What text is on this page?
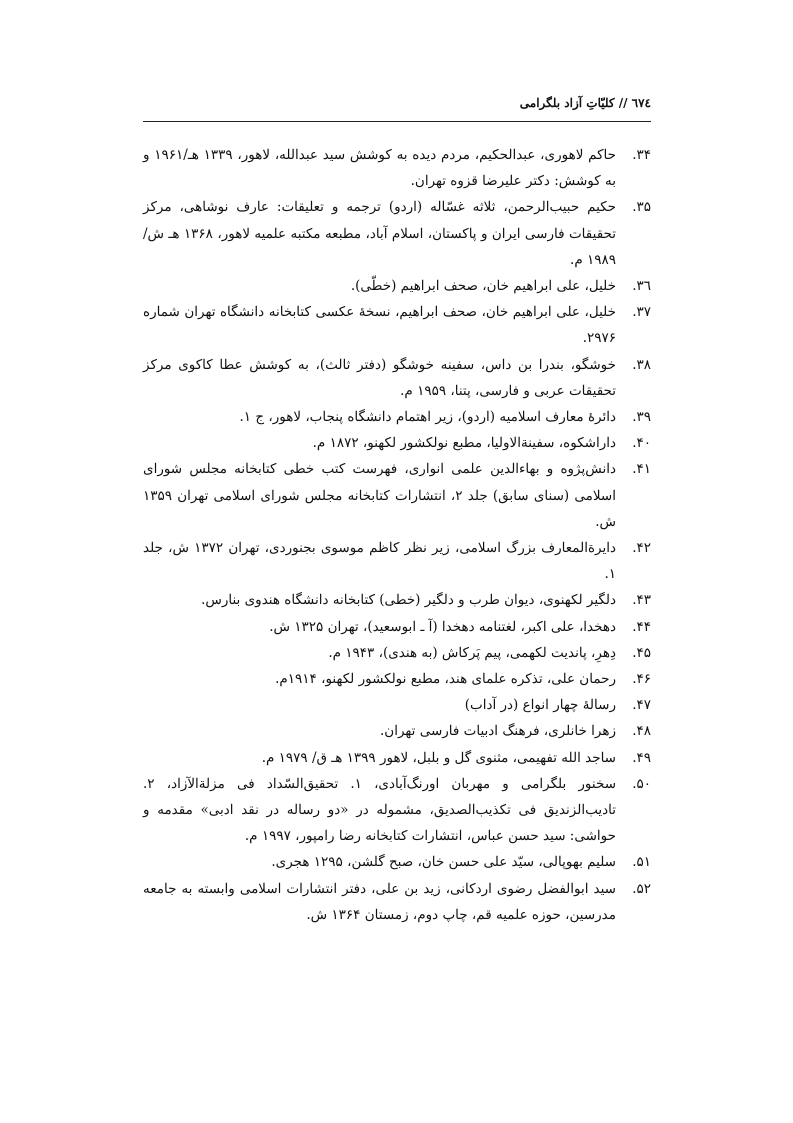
٦٧٤ // کلیّاتِ آزاد بلگرامی
۳۴.
حاکم لاهوری، عبدالحکیم، مردم دیده به کوشش سید عبدالله، لاهور، ۱۳۳۹ هـ/۱۹۶۱ و به کوشش: دکتر علیرضا قزوه تهران.
۳۵.
حکیم حبیب‌الرحمن، ثلاثه غسّاله (اردو) ترجمه و تعلیقات: عارف نوشاهی، مرکز تحقیقات فارسی ایران و پاکستان، اسلام آباد، مطبعه مکتبه علمیه لاهور، ۱۳۶۸ هـ ش/ ۱۹۸۹ م.
۳٦.
خلیل، علی ابراهیم خان، صحف ابراهیم (خطّی).
۳۷.
خلیل، علی ابراهیم خان، صحف ابراهیم، نسخهٔ عکسی کتابخانه دانشگاه تهران شماره ۲۹۷۶.
۳۸.
خوشگو، بندرا بن داس، سفینه خوشگو (دفتر ثالث)، به کوشش عطا کاکوی مرکز تحقیقات عربی و فارسی، پتنا، ۱۹۵۹ م.
۳۹.
دائرهٔ معارف اسلامیه (اردو)، زیر اهتمام دانشگاه پنجاب، لاهور، ج ۱.
۴۰.
داراشکوه، سفینةالاولیا، مطبع نولکشور لکهنو، ۱۸۷۲ م.
۴۱.
دانش‌پژوه و بهاءالدین علمی انواری، فهرست کتب خطی کتابخانه مجلس شورای اسلامی (سنای سابق) جلد ۲، انتشارات کتابخانه مجلس شورای اسلامی تهران ۱۳۵۹ ش.
۴۲.
دایرةالمعارف بزرگ اسلامی، زیر نظر کاظم موسوی بجنوردی، تهران ۱۳۷۲ ش، جلد ۱.
۴۳.
دلگیر لکهنوی، دیوان طرب و دلگیر (خطی) کتابخانه دانشگاه هندوی بنارس.
۴۴.
دهخدا، علی اکبر، لغتنامه دهخدا (آ ـ ابوسعید)، تهران ۱۳۲۵ ش.
۴۵.
دِهرِ، پاندیت لکهمی، پیم پَرکاش (به هندی)، ۱۹۴۳ م.
۴۶.
رحمان علی، تذکره علمای هند، مطبع نولکشور لکهنو، ۱۹۱۴م.
۴۷.
رسالهٔ چهار انواع (در آداب)
۴۸.
زهرا خانلری، فرهنگ ادبیات فارسی تهران.
۴۹.
ساجد الله تفهیمی، مثنوی گل و بلبل، لاهور ۱۳۹۹ هـ ق/ ۱۹۷۹ م.
۵۰.
سخنور بلگرامی و مهربان اورنگ‌آبادی، ۱. تحقیق‌السّداد فی مزلةالآزاد، ۲. تادیب‌الزندیق فی تکذیب‌الصدیق، مشموله در «دو رساله در نقد ادبی» مقدمه و حواشی: سید حسن عباس، انتشارات کتابخانه رضا رامپور، ۱۹۹۷ م.
۵۱.
سلیم بهوپالی، سیّد علی حسن خان، صبح گلشن، ۱۲۹۵ هجری.
۵۲.
سید ابوالفضل رضوی اردکانی، زید بن علی، دفتر انتشارات اسلامی وابسته به جامعه مدرسین، حوزه علمیه قم، چاپ دوم، زمستان ۱۳۶۴ ش.
